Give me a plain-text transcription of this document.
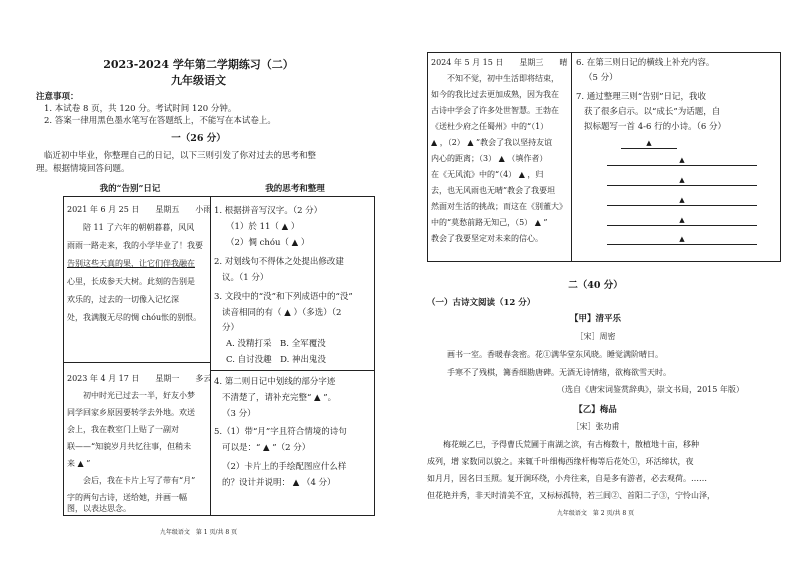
2023-2024 学年第二学期练习（二）
九年级语文
注意事项：
1. 本试卷 8 页，共 120 分。考试时间 120 分钟。
2. 答案一律用黑色墨水笔写在答题纸上，不能写在本试卷上。
一（26 分）
临近初中毕业，你整理自己的日记，以下三则引发了你对过去的思考和整
理。根据情境回答问题。
我的“告别”日记	我的思考和整理
2021 年 6 月 25 日　　星期五　　小雨
　　陪 11 了六年的朝朝暮暮，风风
雨雨一路走来，我的小学毕业了！我要
告别这些天真的果，让它们伴我融在
心里，长成参天大树。此刻的告别是
欢乐的，过去的一切像入记忆深
处，我满腹无尽的惆 chóu怅的别恨。
1. 根据拼音写汉字。（2 分）
（1）於 11（ ▲ ）
（2）惆 chóu（ ▲ ）
2. 对划线句不得体之处提出修改建
议。（1 分）
3. 文段中的“没”和下列成语中的“没”
读音相同的有（ ▲ ）（多选）（2
分）
A. 没精打采　B. 全军覆没
C. 自讨没趣　D. 神出鬼没
2023 年 4 月 17 日　　星期一　　多云
　　初中时光已过去一半，好友小梦
同学回家乡原因要转学去外地。欢送
会上，我在教室门上贴了一副对
联——“知貌岁月共忆往事，但稍未
来 ▲ ”
　　会后，我在卡片上写了带有“月”
字的两句古诗，送给她，并画一幅
图，以表达思念。
4. 第二则日记中划线的部分字迹
不清楚了，请补充完整“ ▲ ”。
（3 分）
5.（1）带“月”字且符合情境的诗句
可以是：“ ▲ ”（2 分）
（2）卡片上的手绘配图应什么样
的？设计并说明： ▲ （4 分）
九年级语文　第 1 页/共 8 页
2024 年 5 月 15 日　　星期三　　晴
　　不知不觉，初中生活即将结束，
如今的我比过去更加成熟，因为我在
古诗中学会了许多处世智慧。王勃在
《送杜少府之任蜀州》中的“（1）
▲ ，（2） ▲ ”教会了我以坚持友谊
内心的距离；（3） ▲ （填作者）
在《无风流》中的“（4） ▲ ，归
去，也无风雨也无晴”教会了我要坦
然面对生活的挑战；而这在《别董大》
中的“莫愁前路无知己，（5） ▲ ”
教会了我要坚定对未来的信心。
6. 在第三则日记的横线上补充内容。
（5 分）
7. 通过整理三则“告别”日记，我收
获了很多启示。以“成长”为话题，自
拟标题写一首 4-6 行的小诗。（6 分）
▲
▲
▲
▲
▲
▲
二（40 分）
（一）古诗文阅读（12 分）
【甲】清平乐
［宋］周密
画书一室。香暖春衾密。花①满华堂东风晓。睡觉满阶晴日。
手寒不了残棋，篝香细勘唐碑。无酒无诗情绪，欲梅欲雪天时。
（选自《唐宋词鉴赏辞典》，崇文书局，2015 年版）
【乙】梅品
［宋］张功甫
　　梅花蜕乙巳，予得曹氏荒圃于南湖之滨，有古梅数十，散植地十亩，移种
成列，增 家数同以貌之。来辄千叶细梅西缘杆梅等后花处①，环活缔状，夜
如月月，因名曰玉照。复开涧环绕，小舟往来，自是多有游者，必去观荷。……
但花艳并秀，非天时清美不宜，又标标孤特，若三闾②、首阳二子③，宁怜山泽，
九年级语文　第 2 页/共 8 页
